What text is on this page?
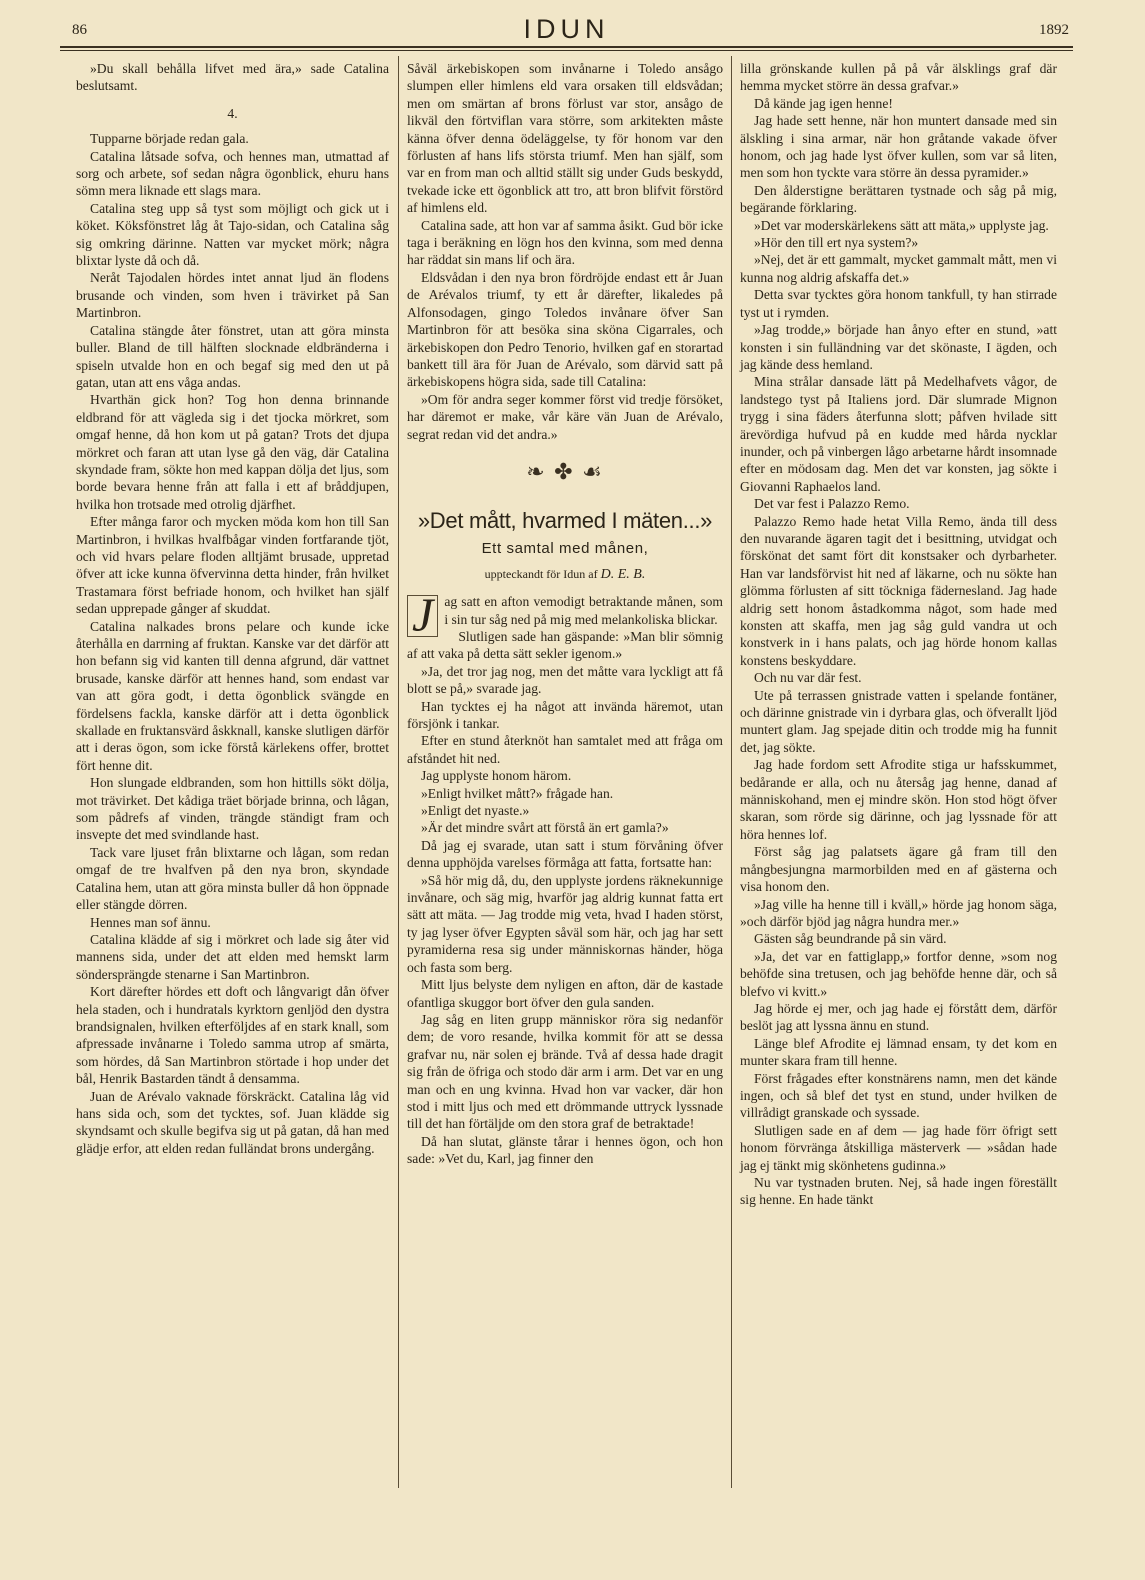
86	IDUN	1892

»Du skall behålla lifvet med ära,» sade Catalina beslutsamt.

4.

Tupparne började redan gala.

Catalina låtsade sofva, och hennes man, utmattad af sorg och arbete, sof sedan några ögonblick, ehuru hans sömn mera liknade ett slags mara.

Catalina steg upp så tyst som möjligt och gick ut i köket. Köksfönstret låg åt Tajo-sidan, och Catalina såg sig omkring därinne. Natten var mycket mörk; några blixtar lyste då och då.

Neråt Tajodalen hördes intet annat ljud än flodens brusande och vinden, som hven i trävirket på San Martinbron.

Catalina stängde åter fönstret, utan att göra minsta buller. Bland de till hälften slocknade eldbränderna i spiseln utvalde hon en och begaf sig med den ut på gatan, utan att ens våga andas.

Hvarthän gick hon? Tog hon denna brinnande eldbrand för att vägleda sig i det tjocka mörkret, som omgaf henne, då hon kom ut på gatan? Trots det djupa mörkret och faran att utan lyse gå den väg, där Catalina skyndade fram, sökte hon med kappan dölja det ljus, som borde bevara henne från att falla i ett af bråddjupen, hvilka hon trotsade med otrolig djärfhet.

Efter många faror och mycken möda kom hon till San Martinbron, i hvilkas hvalfbågar vinden fortfarande tjöt, och vid hvars pelare floden alltjämt brusade, uppretad öfver att icke kunna öfvervinna detta hinder, från hvilket Trastamara först befriade honom, och hvilket han själf sedan upprepade gånger af skuddat.

Catalina nalkades brons pelare och kunde icke återhålla en darrning af fruktan. Kanske var det därför att hon befann sig vid kanten till denna afgrund, där vattnet brusade, kanske därför att hennes hand, som endast var van att göra godt, i detta ögonblick svängde en fördelsens fackla, kanske därför att i detta ögonblick skallade en fruktansvärd åskknall, kanske slutligen därför att i deras ögon, som icke förstå kärlekens offer, brottet fört henne dit.

Hon slungade eldbranden, som hon hittills sökt dölja, mot trävirket. Det kådiga träet började brinna, och lågan, som pådrefs af vinden, trängde ständigt fram och insvepte det med svindlande hast.

Tack vare ljuset från blixtarne och lågan, som redan omgaf de tre hvalfven på den nya bron, skyndade Catalina hem, utan att göra minsta buller då hon öppnade eller stängde dörren.

Hennes man sof ännu.

Catalina klädde af sig i mörkret och lade sig åter vid mannens sida, under det att elden med hemskt larm söndersprängde stenarne i San Martinbron.

Kort därefter hördes ett doft och långvarigt dån öfver hela staden, och i hundratals kyrktorn genljöd den dystra brandsignalen, hvilken efterföljdes af en stark knall, som afpressade invånarne i Toledo samma utrop af smärta, som hördes, då San Martinbron störtade i hop under det bål, Henrik Bastarden tändt å densamma.

Juan de Arévalo vaknade förskräckt. Catalina låg vid hans sida och, som det tycktes, sof. Juan klädde sig skyndsamt och skulle begifva sig ut på gatan, då han med glädje erfor, att elden redan fulländat brons undergång.

Såväl ärkebiskopen som invånarne i Toledo ansågo slumpen eller himlens eld vara orsaken till eldsvådan; men om smärtan af brons förlust var stor, ansågo de likväl den förtviflan vara större, som arkitekten måste känna öfver denna ödeläggelse, ty för honom var den förlusten af hans lifs största triumf. Men han själf, som var en from man och alltid ställt sig under Guds beskydd, tvekade icke ett ögonblick att tro, att bron blifvit förstörd af himlens eld.

Catalina sade, att hon var af samma åsikt. Gud bör icke taga i beräkning en lögn hos den kvinna, som med denna har räddat sin mans lif och ära.

Eldsvådan i den nya bron fördröjde endast ett år Juan de Arévalos triumf, ty ett år därefter, likaledes på Alfonsodagen, gingo Toledos invånare öfver San Martinbron för att besöka sina sköna Cigarrales, och ärkebiskopen don Pedro Tenorio, hvilken gaf en storartad bankett till ära för Juan de Arévalo, som därvid satt på ärkebiskopens högra sida, sade till Catalina:

»Om för andra seger kommer först vid tredje försöket, har däremot er make, vår käre vän Juan de Arévalo, segrat redan vid det andra.»

❧ ✤ ☙
»Det mått, hvarmed I mäten...»
Ett samtal med månen,
uppteckandt för Idun af D. E. B.

J ag satt en afton vemodigt betraktande månen, som i sin tur såg ned på mig med melankoliska blickar.

Slutligen sade han gäspande: »Man blir sömnig af att vaka på detta sätt sekler igenom.»

»Ja, det tror jag nog, men det måtte vara lyckligt att få blott se på,» svarade jag.

Han tycktes ej ha något att invända häremot, utan försjönk i tankar.

Efter en stund återknöt han samtalet med att fråga om afståndet hit ned.

Jag upplyste honom härom.

»Enligt hvilket mått?» frågade han.

»Enligt det nyaste.»

»Är det mindre svårt att förstå än ert gamla?»

Då jag ej svarade, utan satt i stum förvåning öfver denna upphöjda varelses förmåga att fatta, fortsatte han:

»Så hör mig då, du, den upplyste jordens räknekunnige invånare, och säg mig, hvarför jag aldrig kunnat fatta ert sätt att mäta. — Jag trodde mig veta, hvad I haden störst, ty jag lyser öfver Egypten såväl som här, och jag har sett pyramiderna resa sig under människornas händer, höga och fasta som berg.

Mitt ljus belyste dem nyligen en afton, där de kastade ofantliga skuggor bort öfver den gula sanden.

Jag såg en liten grupp människor röra sig nedanför dem; de voro resande, hvilka kommit för att se dessa grafvar nu, när solen ej brände. Två af dessa hade dragit sig från de öfriga och stodo där arm i arm. Det var en ung man och en ung kvinna. Hvad hon var vacker, där hon stod i mitt ljus och med ett drömmande uttryck lyssnade till det han förtäljde om den stora graf de betraktade!

Då han slutat, glänste tårar i hennes ögon, och hon sade: »Vet du, Karl, jag finner den

lilla grönskande kullen på på vår älsklings graf där hemma mycket större än dessa grafvar.»

Då kände jag igen henne!

Jag hade sett henne, när hon muntert dansade med sin älskling i sina armar, när hon gråtande vakade öfver honom, och jag hade lyst öfver kullen, som var så liten, men som hon tyckte vara större än dessa pyramider.»

Den ålderstigne berättaren tystnade och såg på mig, begärande förklaring.

»Det var moderskärlekens sätt att mäta,» upplyste jag.

»Hör den till ert nya system?»

»Nej, det är ett gammalt, mycket gammalt mått, men vi kunna nog aldrig afskaffa det.»

Detta svar tycktes göra honom tankfull, ty han stirrade tyst ut i rymden.

»Jag trodde,» började han ånyo efter en stund, »att konsten i sin fulländning var det skönaste, I ägden, och jag kände dess hemland.

Mina strålar dansade lätt på Medelhafvets vågor, de landstego tyst på Italiens jord. Där slumrade Mignon trygg i sina fäders återfunna slott; påfven hvilade sitt ärevördiga hufvud på en kudde med hårda nycklar inunder, och på vinbergen lågo arbetarne hårdt insomnade efter en mödosam dag. Men det var konsten, jag sökte i Giovanni Raphaelos land.

Det var fest i Palazzo Remo.

Palazzo Remo hade hetat Villa Remo, ända till dess den nuvarande ägaren tagit det i besittning, utvidgat och förskönat det samt fört dit konstsaker och dyrbarheter. Han var landsförvist hit ned af läkarne, och nu sökte han glömma förlusten af sitt töckniga fädernesland. Jag hade aldrig sett honom åstadkomma något, som hade med konsten att skaffa, men jag såg guld vandra ut och konstverk in i hans palats, och jag hörde honom kallas konstens beskyddare.

Och nu var där fest.

Ute på terrassen gnistrade vatten i spelande fontäner, och därinne gnistrade vin i dyrbara glas, och öfverallt ljöd muntert glam. Jag spejade ditin och trodde mig ha funnit det, jag sökte.

Jag hade fordom sett Afrodite stiga ur hafsskummet, bedårande er alla, och nu återsåg jag henne, danad af människohand, men ej mindre skön. Hon stod högt öfver skaran, som rörde sig därinne, och jag lyssnade för att höra hennes lof.

Först såg jag palatsets ägare gå fram till den mångbesjungna marmorbilden med en af gästerna och visa honom den.

»Jag ville ha henne till i kväll,» hörde jag honom säga, »och därför bjöd jag några hundra mer.»

Gästen såg beundrande på sin värd.

»Ja, det var en fattiglapp,» fortfor denne, »som nog behöfde sina tretusen, och jag behöfde henne där, och så blefvo vi kvitt.»

Jag hörde ej mer, och jag hade ej förstått dem, därför beslöt jag att lyssna ännu en stund.

Länge blef Afrodite ej lämnad ensam, ty det kom en munter skara fram till henne.

Först frågades efter konstnärens namn, men det kände ingen, och så blef det tyst en stund, under hvilken de villrådigt granskade och syssade.

Slutligen sade en af dem — jag hade förr öfrigt sett honom förvränga åtskilliga mästerverk — »sådan hade jag ej tänkt mig skönhetens gudinna.»

Nu var tystnaden bruten. Nej, så hade ingen föreställt sig henne. En hade tänkt
